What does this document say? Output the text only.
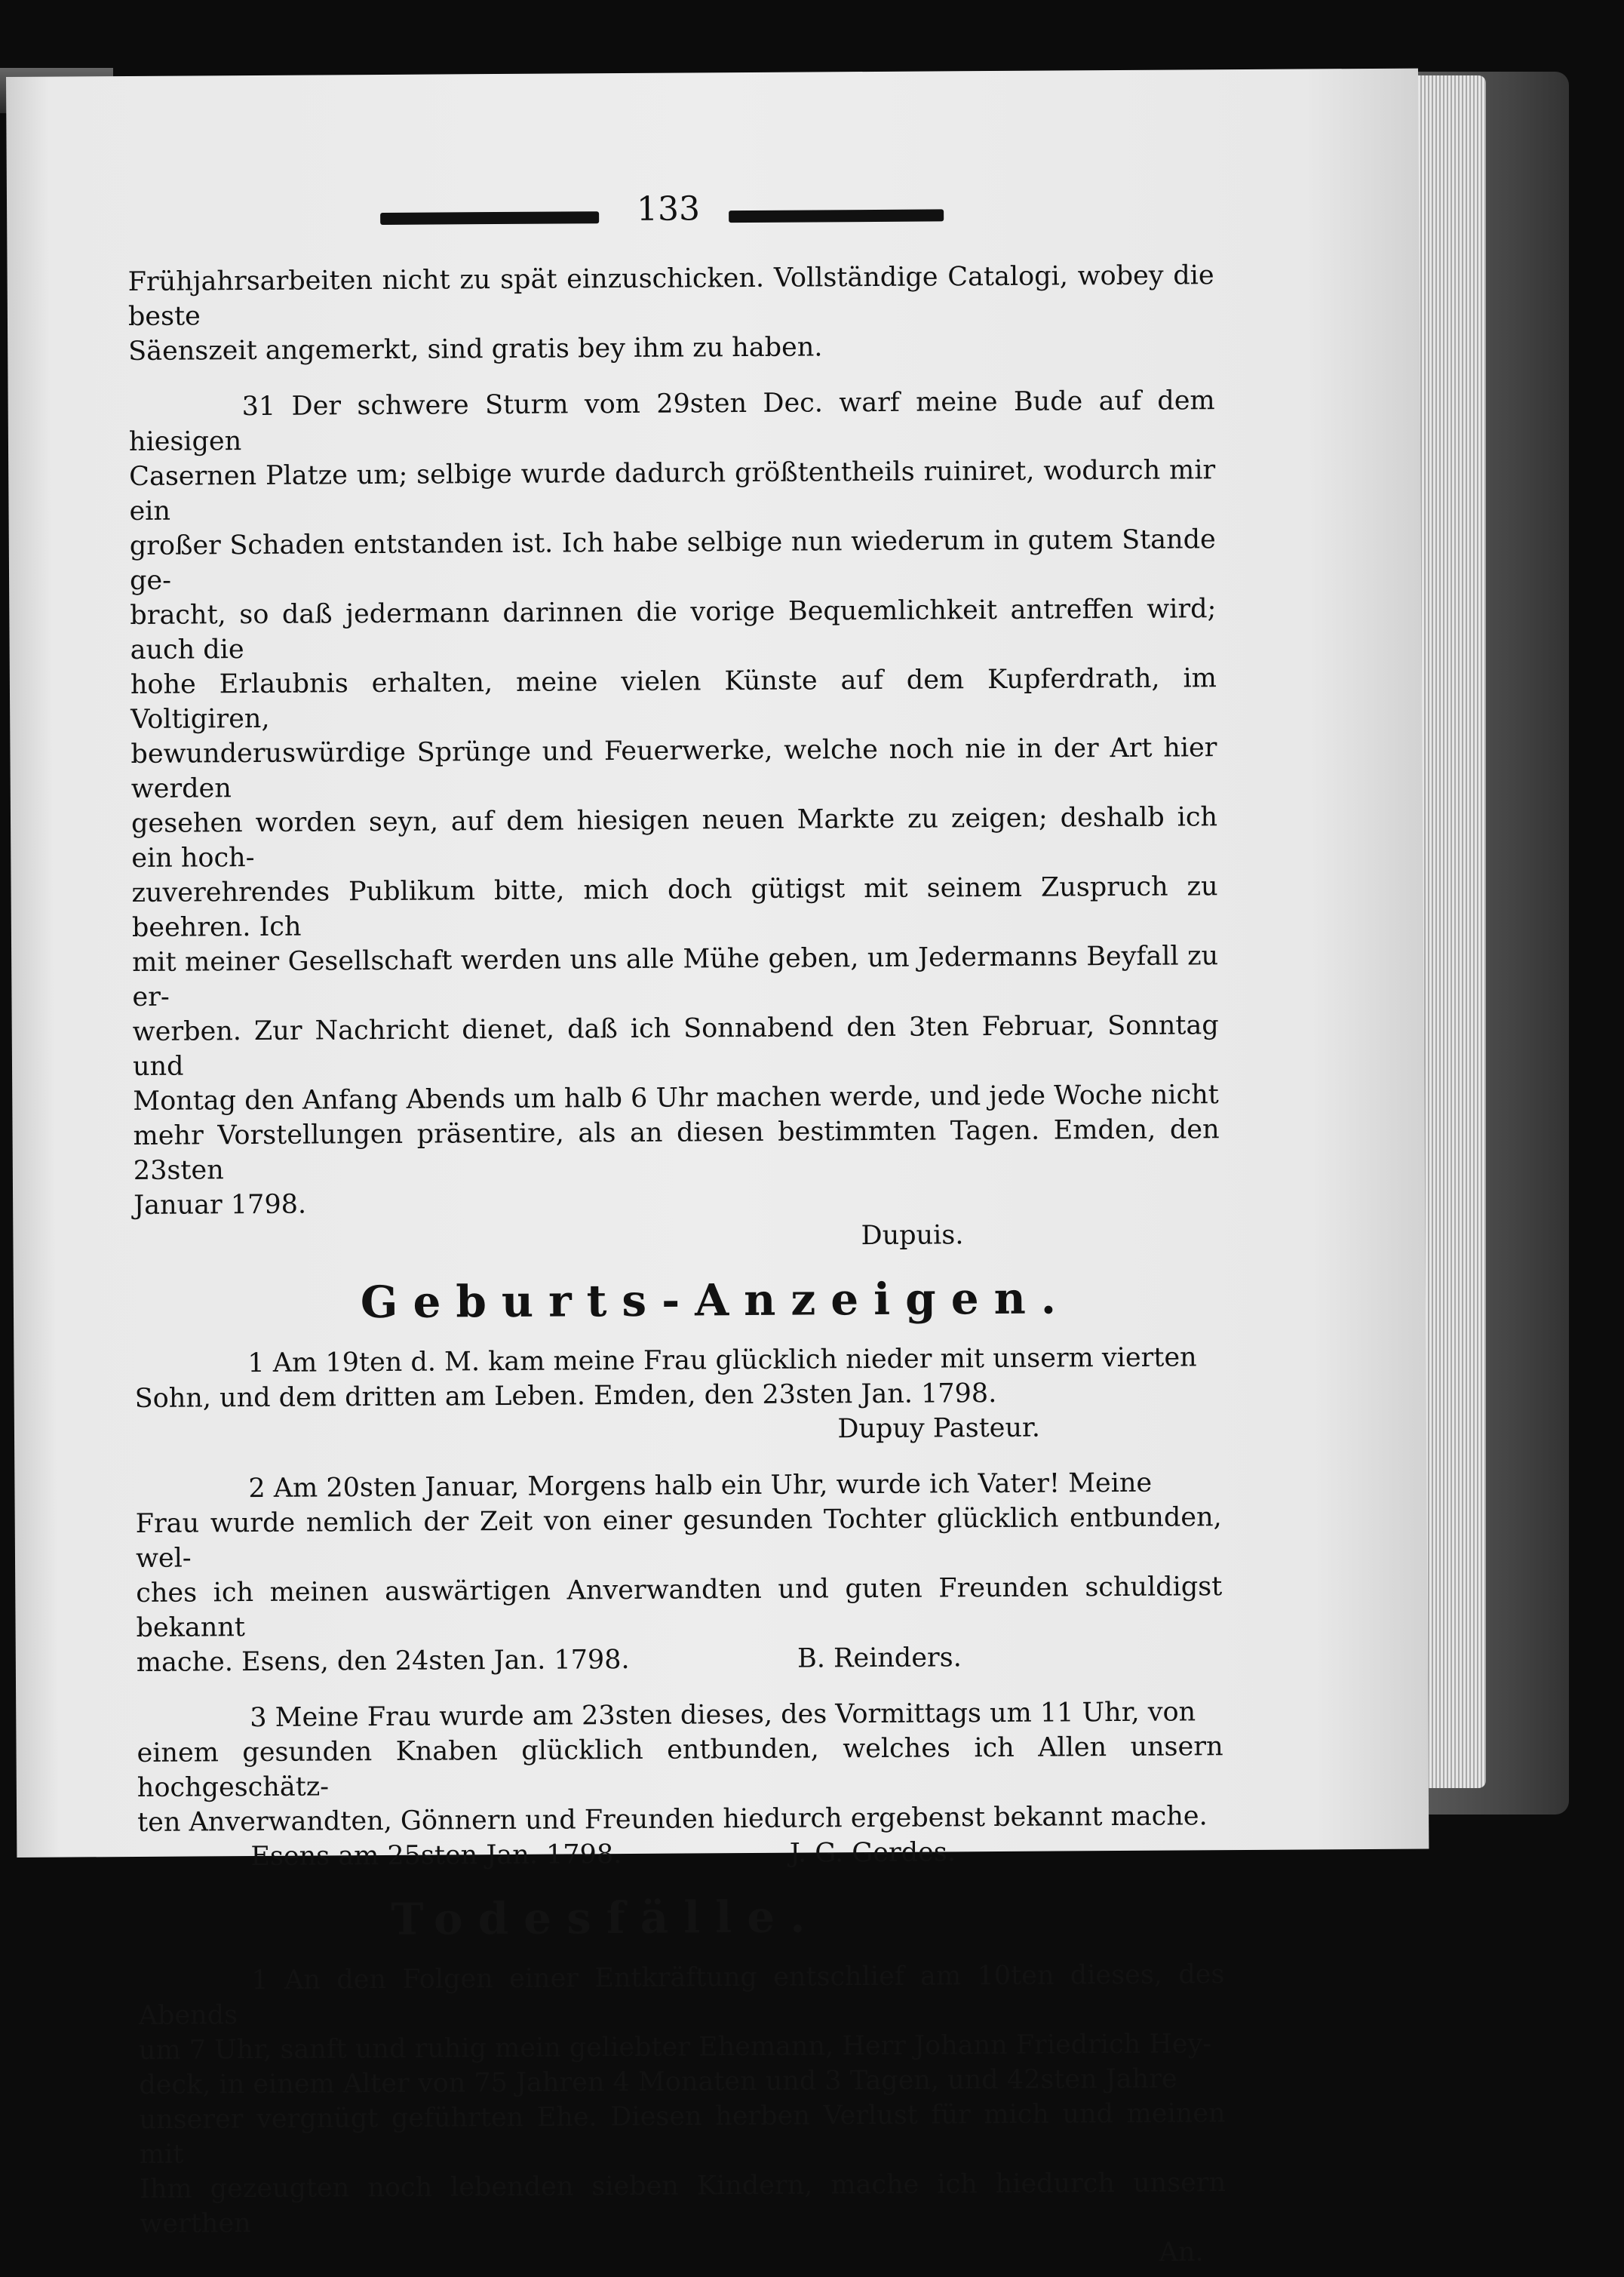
133
Frühjahrsarbeiten nicht zu spät einzuschicken. Vollständige Catalogi, wobey die beste
Säenszeit angemerkt, sind gratis bey ihm zu haben.
31 Der schwere Sturm vom 29sten Dec. warf meine Bude auf dem hiesigen
Casernen Platze um; selbige wurde dadurch größtentheils ruiniret, wodurch mir ein
großer Schaden entstanden ist. Ich habe selbige nun wiederum in gutem Stande ge-
bracht, so daß jedermann darinnen die vorige Bequemlichkeit antreffen wird; auch die
hohe Erlaubnis erhalten, meine vielen Künste auf dem Kupferdrath, im Voltigiren,
bewunderuswürdige Sprünge und Feuerwerke, welche noch nie in der Art hier werden
gesehen worden seyn, auf dem hiesigen neuen Markte zu zeigen; deshalb ich ein hoch-
zuverehrendes Publikum bitte, mich doch gütigst mit seinem Zuspruch zu beehren. Ich
mit meiner Gesellschaft werden uns alle Mühe geben, um Jedermanns Beyfall zu er-
werben. Zur Nachricht dienet, daß ich Sonnabend den 3ten Februar, Sonntag und
Montag den Anfang Abends um halb 6 Uhr machen werde, und jede Woche nicht
mehr Vorstellungen präsentire, als an diesen bestimmten Tagen. Emden, den 23sten
Januar 1798.
Dupuis.
Geburts-Anzeigen.
1 Am 19ten d. M. kam meine Frau glücklich nieder mit unserm vierten
Sohn, und dem dritten am Leben. Emden, den 23sten Jan. 1798.
Dupuy Pasteur.
2 Am 20sten Januar, Morgens halb ein Uhr, wurde ich Vater! Meine
Frau wurde nemlich der Zeit von einer gesunden Tochter glücklich entbunden, wel-
ches ich meinen auswärtigen Anverwandten und guten Freunden schuldigst bekannt
mache. Esens, den 24sten Jan. 1798.                    B. Reinders.
3 Meine Frau wurde am 23sten dieses, des Vormittags um 11 Uhr, von
einem gesunden Knaben glücklich entbunden, welches ich Allen unsern hochgeschätz-
ten Anverwandten, Gönnern und Freunden hiedurch ergebenst bekannt mache.
Esens am 25sten Jan. 1798.                    J. G. Gerdes.
Todesfälle.
1 An den Folgen einer Entkräftung entschlief am 10ten dieses, des Abends
um 7 Uhr, sanft und ruhig mein geliebter Ehemann, Herr Johann Friedrich Hey-
deck, in einem Alter von 75 Jahren 4 Monaten und 3 Tagen, und 42sten Jahre
unserer vergnügt geführten Ehe. Diesen herben Verlust für mich und meinen mit
Ihm gezeugten noch lebenden sieben Kindern, mache ich hiedurch unsern werthen
An.
